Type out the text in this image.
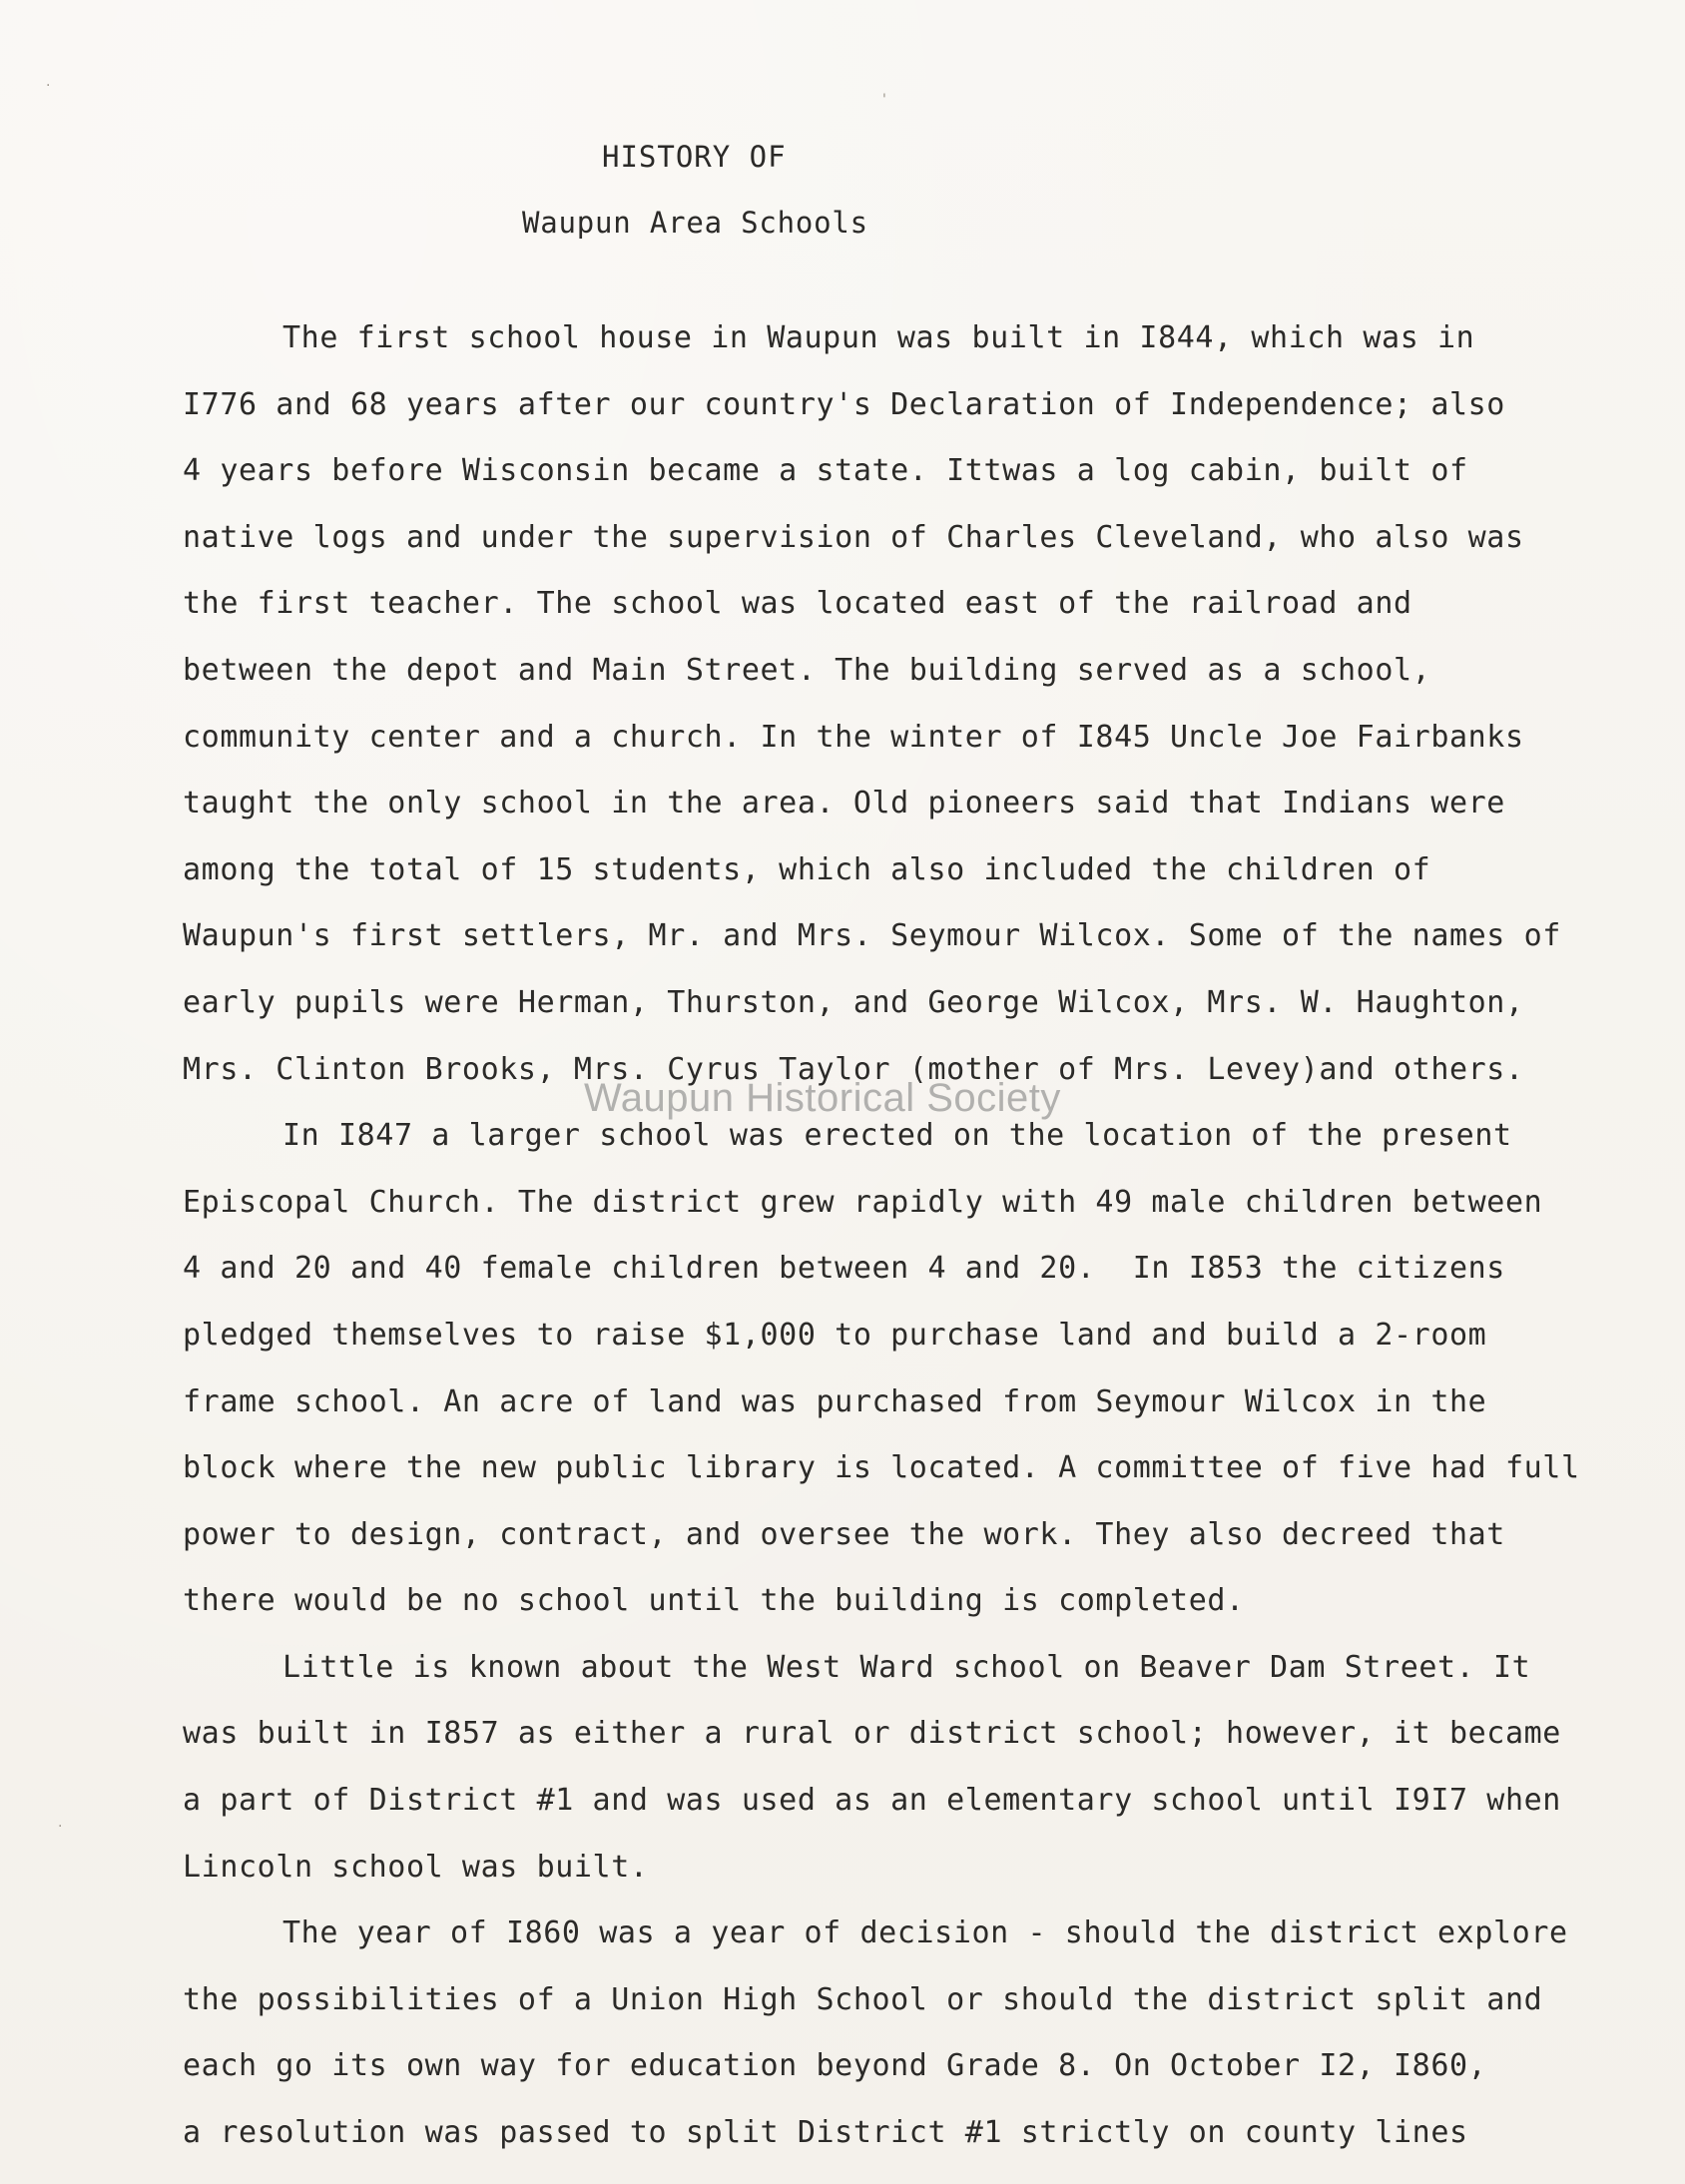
·
'
·
HISTORY OF
Waupun Area Schools
The first school house in Waupun was built in I844, which was in
I776 and 68 years after our country's Declaration of Independence; also
4 years before Wisconsin became a state. Ittwas a log cabin, built of
native logs and under the supervision of Charles Cleveland, who also was
the first teacher. The school was located east of the railroad and
between the depot and Main Street. The building served as a school,
community center and a church. In the winter of I845 Uncle Joe Fairbanks
taught the only school in the area. Old pioneers said that Indians were
among the total of 15 students, which also included the children of
Waupun's first settlers, Mr. and Mrs. Seymour Wilcox. Some of the names of
early pupils were Herman, Thurston, and George Wilcox, Mrs. W. Haughton,
Mrs. Clinton Brooks, Mrs. Cyrus Taylor (mother of Mrs. Levey)and others.
In I847 a larger school was erected on the location of the present
Episcopal Church. The district grew rapidly with 49 male children between
4 and 20 and 40 female children between 4 and 20.  In I853 the citizens
pledged themselves to raise $1,000 to purchase land and build a 2-room
frame school. An acre of land was purchased from Seymour Wilcox in the
block where the new public library is located. A committee of five had full
power to design, contract, and oversee the work. They also decreed that
there would be no school until the building is completed.
Little is known about the West Ward school on Beaver Dam Street. It
was built in I857 as either a rural or district school; however, it became
a part of District #1 and was used as an elementary school until I9I7 when
Lincoln school was built.
The year of I860 was a year of decision - should the district explore
the possibilities of a Union High School or should the district split and
each go its own way for education beyond Grade 8. On October I2, I860,
a resolution was passed to split District #1 strictly on county lines
Waupun Historical Society
